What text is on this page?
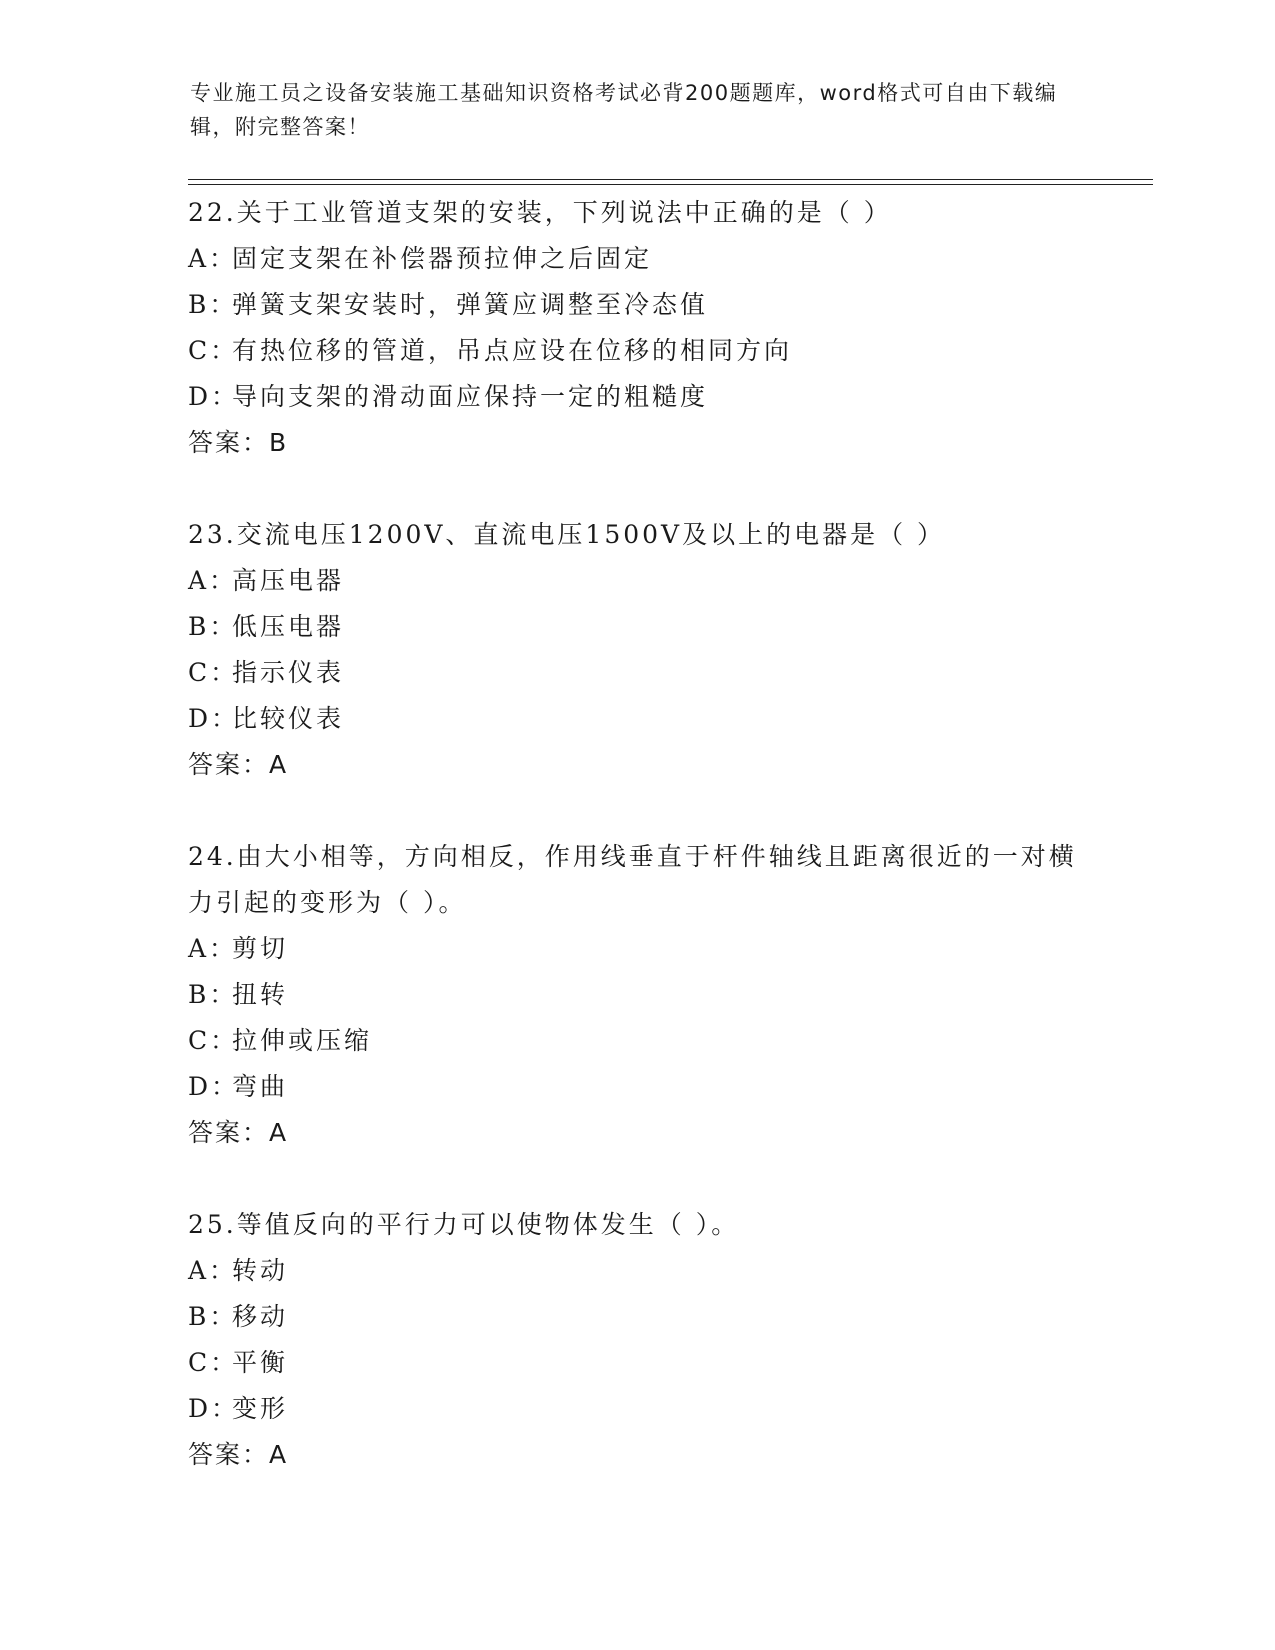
专业施工员之设备安装施工基础知识资格考试必背200题题库，word格式可自由下载编辑，附完整答案！
22.关于工业管道支架的安装，下列说法中正确的是（ ）
A：固定支架在补偿器预拉伸之后固定
B：弹簧支架安装时，弹簧应调整至冷态值
C：有热位移的管道，吊点应设在位移的相同方向
D：导向支架的滑动面应保持一定的粗糙度
答案：B
23.交流电压1200V、直流电压1500V及以上的电器是（ ）
A：高压电器
B：低压电器
C：指示仪表
D：比较仪表
答案：A
24.由大小相等，方向相反，作用线垂直于杆件轴线且距离很近的一对横力引起的变形为（ ）。
A：剪切
B：扭转
C：拉伸或压缩
D：弯曲
答案：A
25.等值反向的平行力可以使物体发生（ ）。
A：转动
B：移动
C：平衡
D：变形
答案：A
